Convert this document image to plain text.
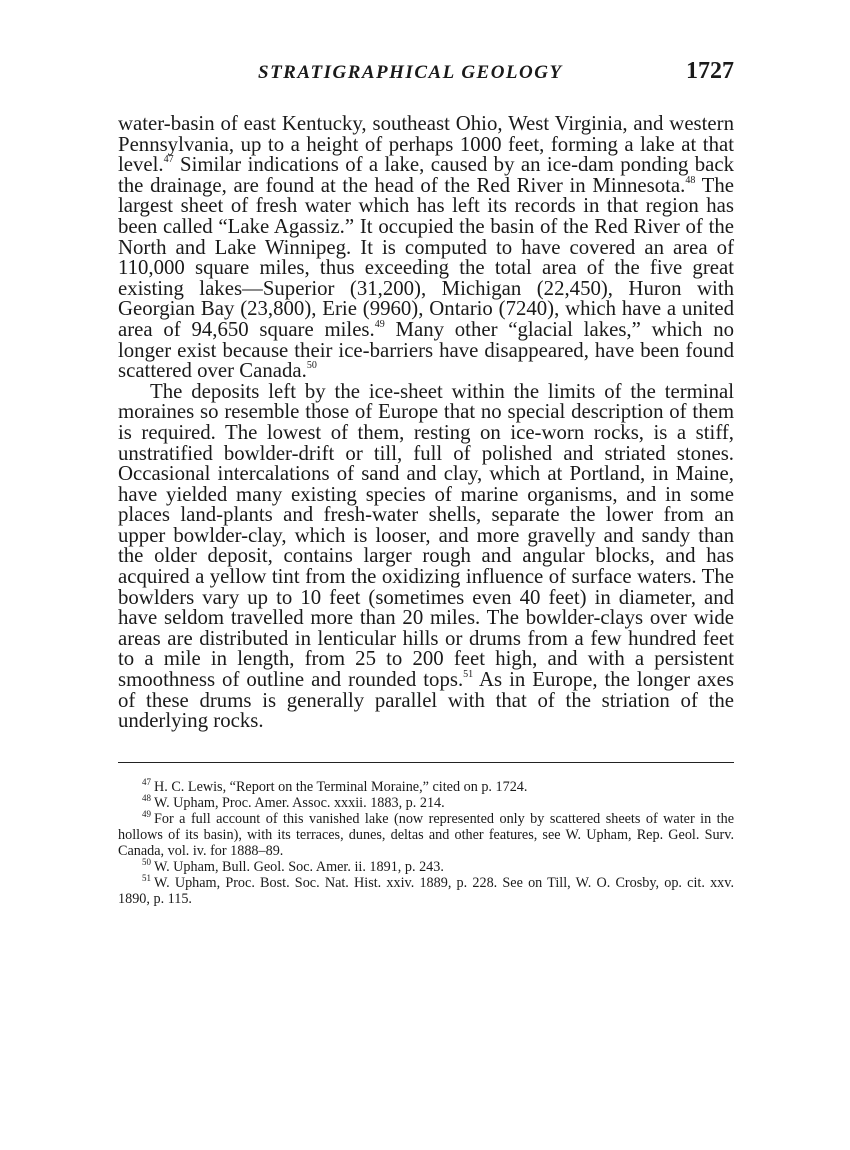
STRATIGRAPHICAL GEOLOGY	1727

water-basin of east Kentucky, southeast Ohio, West Virginia, and western Pennsylvania, up to a height of perhaps 1000 feet, forming a lake at that level.$^{47}$ Similar indications of a lake, caused by an ice-dam ponding back the drainage, are found at the head of the Red River in Minnesota.$^{48}$ The largest sheet of fresh water which has left its records in that region has been called “Lake Agassiz.” It occupied the basin of the Red River of the North and Lake Winnipeg. It is computed to have covered an area of 110,000 square miles, thus exceeding the total area of the five great existing lakes—Superior (31,200), Michigan (22,450), Huron with Georgian Bay (23,800), Erie (9960), Ontario (7240), which have a united area of 94,650 square miles.$^{49}$ Many other “glacial lakes,” which no longer exist because their ice-barriers have disappeared, have been found scattered over Canada.$^{50}$

The deposits left by the ice-sheet within the limits of the terminal moraines so resemble those of Europe that no special description of them is required. The lowest of them, resting on ice-worn rocks, is a stiff, unstratified bowlder-drift or till, full of polished and striated stones. Occasional intercalations of sand and clay, which at Portland, in Maine, have yielded many existing species of marine organisms, and in some places land-plants and fresh-water shells, separate the lower from an upper bowlder-clay, which is looser, and more gravelly and sandy than the older deposit, contains larger rough and angular blocks, and has acquired a yellow tint from the oxidizing influence of surface waters. The bowlders vary up to 10 feet (sometimes even 40 feet) in diameter, and have seldom travelled more than 20 miles. The bowlder-clays over wide areas are distributed in lenticular hills or drums from a few hundred feet to a mile in length, from 25 to 200 feet high, and with a persistent smoothness of outline and rounded tops.$^{51}$ As in Europe, the longer axes of these drums is generally parallel with that of the striation of the underlying rocks.

$^{47}$ H. C. Lewis, “Report on the Terminal Moraine,” cited on p. 1724.

$^{48}$ W. Upham, Proc. Amer. Assoc. xxxii. 1883, p. 214.

$^{49}$ For a full account of this vanished lake (now represented only by scattered sheets of water in the hollows of its basin), with its terraces, dunes, deltas and other features, see W. Upham, Rep. Geol. Surv. Canada, vol. iv. for 1888–89.

$^{50}$ W. Upham, Bull. Geol. Soc. Amer. ii. 1891, p. 243.

$^{51}$ W. Upham, Proc. Bost. Soc. Nat. Hist. xxiv. 1889, p. 228. See on Till, W. O. Crosby, op. cit. xxv. 1890, p. 115.
